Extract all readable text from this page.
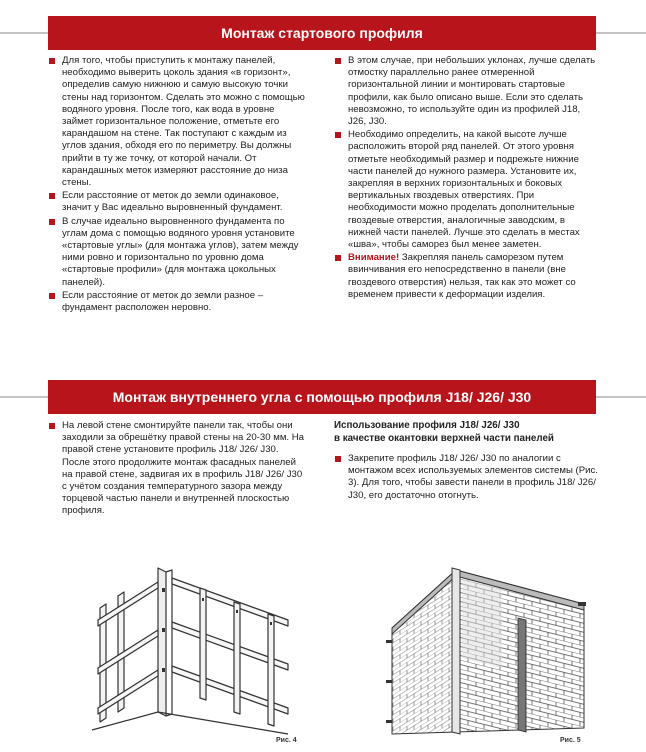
Монтаж стартового профиля
Для того, чтобы приступить к монтажу панелей, необходимо выверить цоколь здания «в горизонт», определив самую нижнюю и самую высокую точки стены над горизонтом. Сделать это можно с помощью водяного уровня. После того, как вода в уровне займет горизонтальное положение, отметьте его карандашом на стене. Так поступают с каждым из углов здания, обходя его по периметру. Вы должны прийти в ту же точку, от которой начали. От карандашных меток измеряют расстояние до низа стены.
Если расстояние от меток до земли одинаковое, значит у Вас идеально выровненный фундамент.
В случае идеально выровненного фундамента по углам дома с помощью водяного уровня установите «стартовые углы» (для монтажа углов), затем между ними ровно и горизонтально по уровню дома «стартовые профили» (для монтажа цокольных панелей).
Если расстояние от меток до земли разное – фундамент расположен неровно.
В этом случае, при небольших уклонах, лучше сделать отмостку параллельно ранее отмеренной горизонтальной линии и монтировать стартовые профили, как было описано выше. Если это сделать невозможно, то используйте один из профилей J18, J26, J30.
Необходимо определить, на какой высоте лучше расположить второй ряд панелей. От этого уровня отметьте необходимый размер и подрежьте нижние части панелей до нужного размера. Установите их, закрепляя в верхних горизонтальных и боковых вертикальных гвоздевых отверстиях. При необходимости можно проделать дополнительные гвоздевые отверстия, аналогичные заводским, в нижней части панелей. Лучше это сделать в местах «шва», чтобы саморез был менее заметен.
Внимание! Закрепляя панель саморезом путем ввинчивания его непосредственно в панели (вне гвоздевого отверстия) нельзя, так как это может со временем привести к деформации изделия.
Монтаж внутреннего угла с помощью профиля J18/ J26/ J30
На левой стене смонтируйте панели так, чтобы они заходили за обрешётку правой стены на 20-30 мм. На правой стене установите профиль J18/ J26/ J30. После этого продолжите монтаж фасадных панелей на правой стене, задвигая их в профиль J18/ J26/ J30 с учётом создания температурного зазора между торцевой частью панели и внутренней плоскостью профиля.
Использование профиля J18/ J26/ J30
в качестве окантовки верхней части панелей
Закрепите профиль J18/ J26/ J30 по аналогии с монтажом всех используемых элементов системы (Рис. 3). Для того, чтобы завести панели в профиль J18/ J26/ J30, его достаточно отогнуть.
Рис. 4	Рис. 5
